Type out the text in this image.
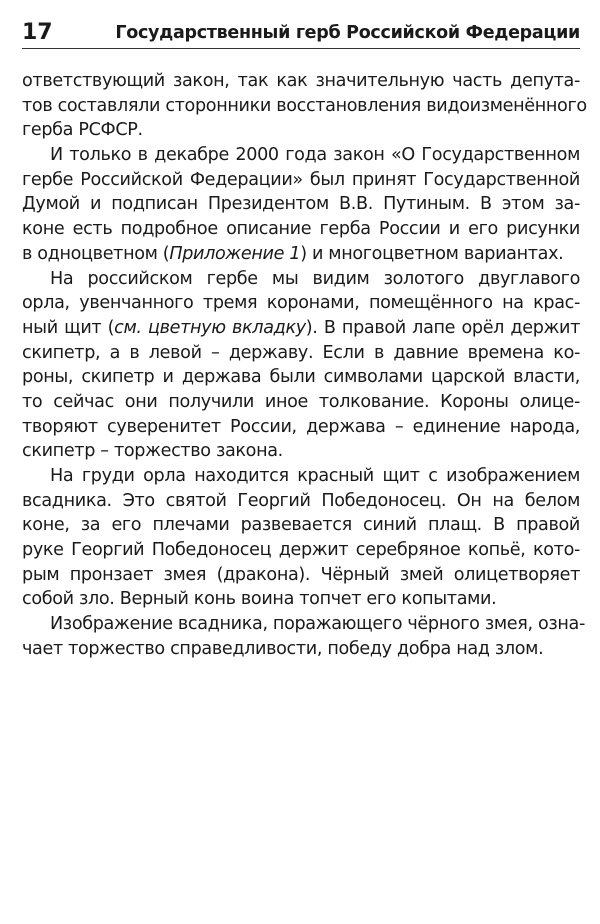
17	Государственный герб Российской Федерации
ответствующий закон, так как значительную часть депута-
тов составляли сторонники восстановления видоизменённого
герба РСФСР.
И только в декабре 2000 года закон «О Государственном
гербе Российской Федерации» был принят Государственной
Думой и подписан Президентом В.В. Путиным. В этом за-
коне есть подробное описание герба России и его рисунки
в одноцветном (Приложение 1) и многоцветном вариантах.
На российском гербе мы видим золотого двуглавого
орла, увенчанного тремя коронами, помещённого на крас-
ный щит (см. цветную вкладку). В правой лапе орёл держит
скипетр, а в левой – державу. Если в давние времена ко-
роны, скипетр и держава были символами царской власти,
то сейчас они получили иное толкование. Короны олице-
творяют суверенитет России, держава – единение народа,
скипетр – торжество закона.
На груди орла находится красный щит с изображением
всадника. Это святой Георгий Победоносец. Он на белом
коне, за его плечами развевается синий плащ. В правой
руке Георгий Победоносец держит серебряное копьё, кото-
рым пронзает змея (дракона). Чёрный змей олицетворяет
собой зло. Верный конь воина топчет его копытами.
Изображение всадника, поражающего чёрного змея, озна-
чает торжество справедливости, победу добра над злом.
